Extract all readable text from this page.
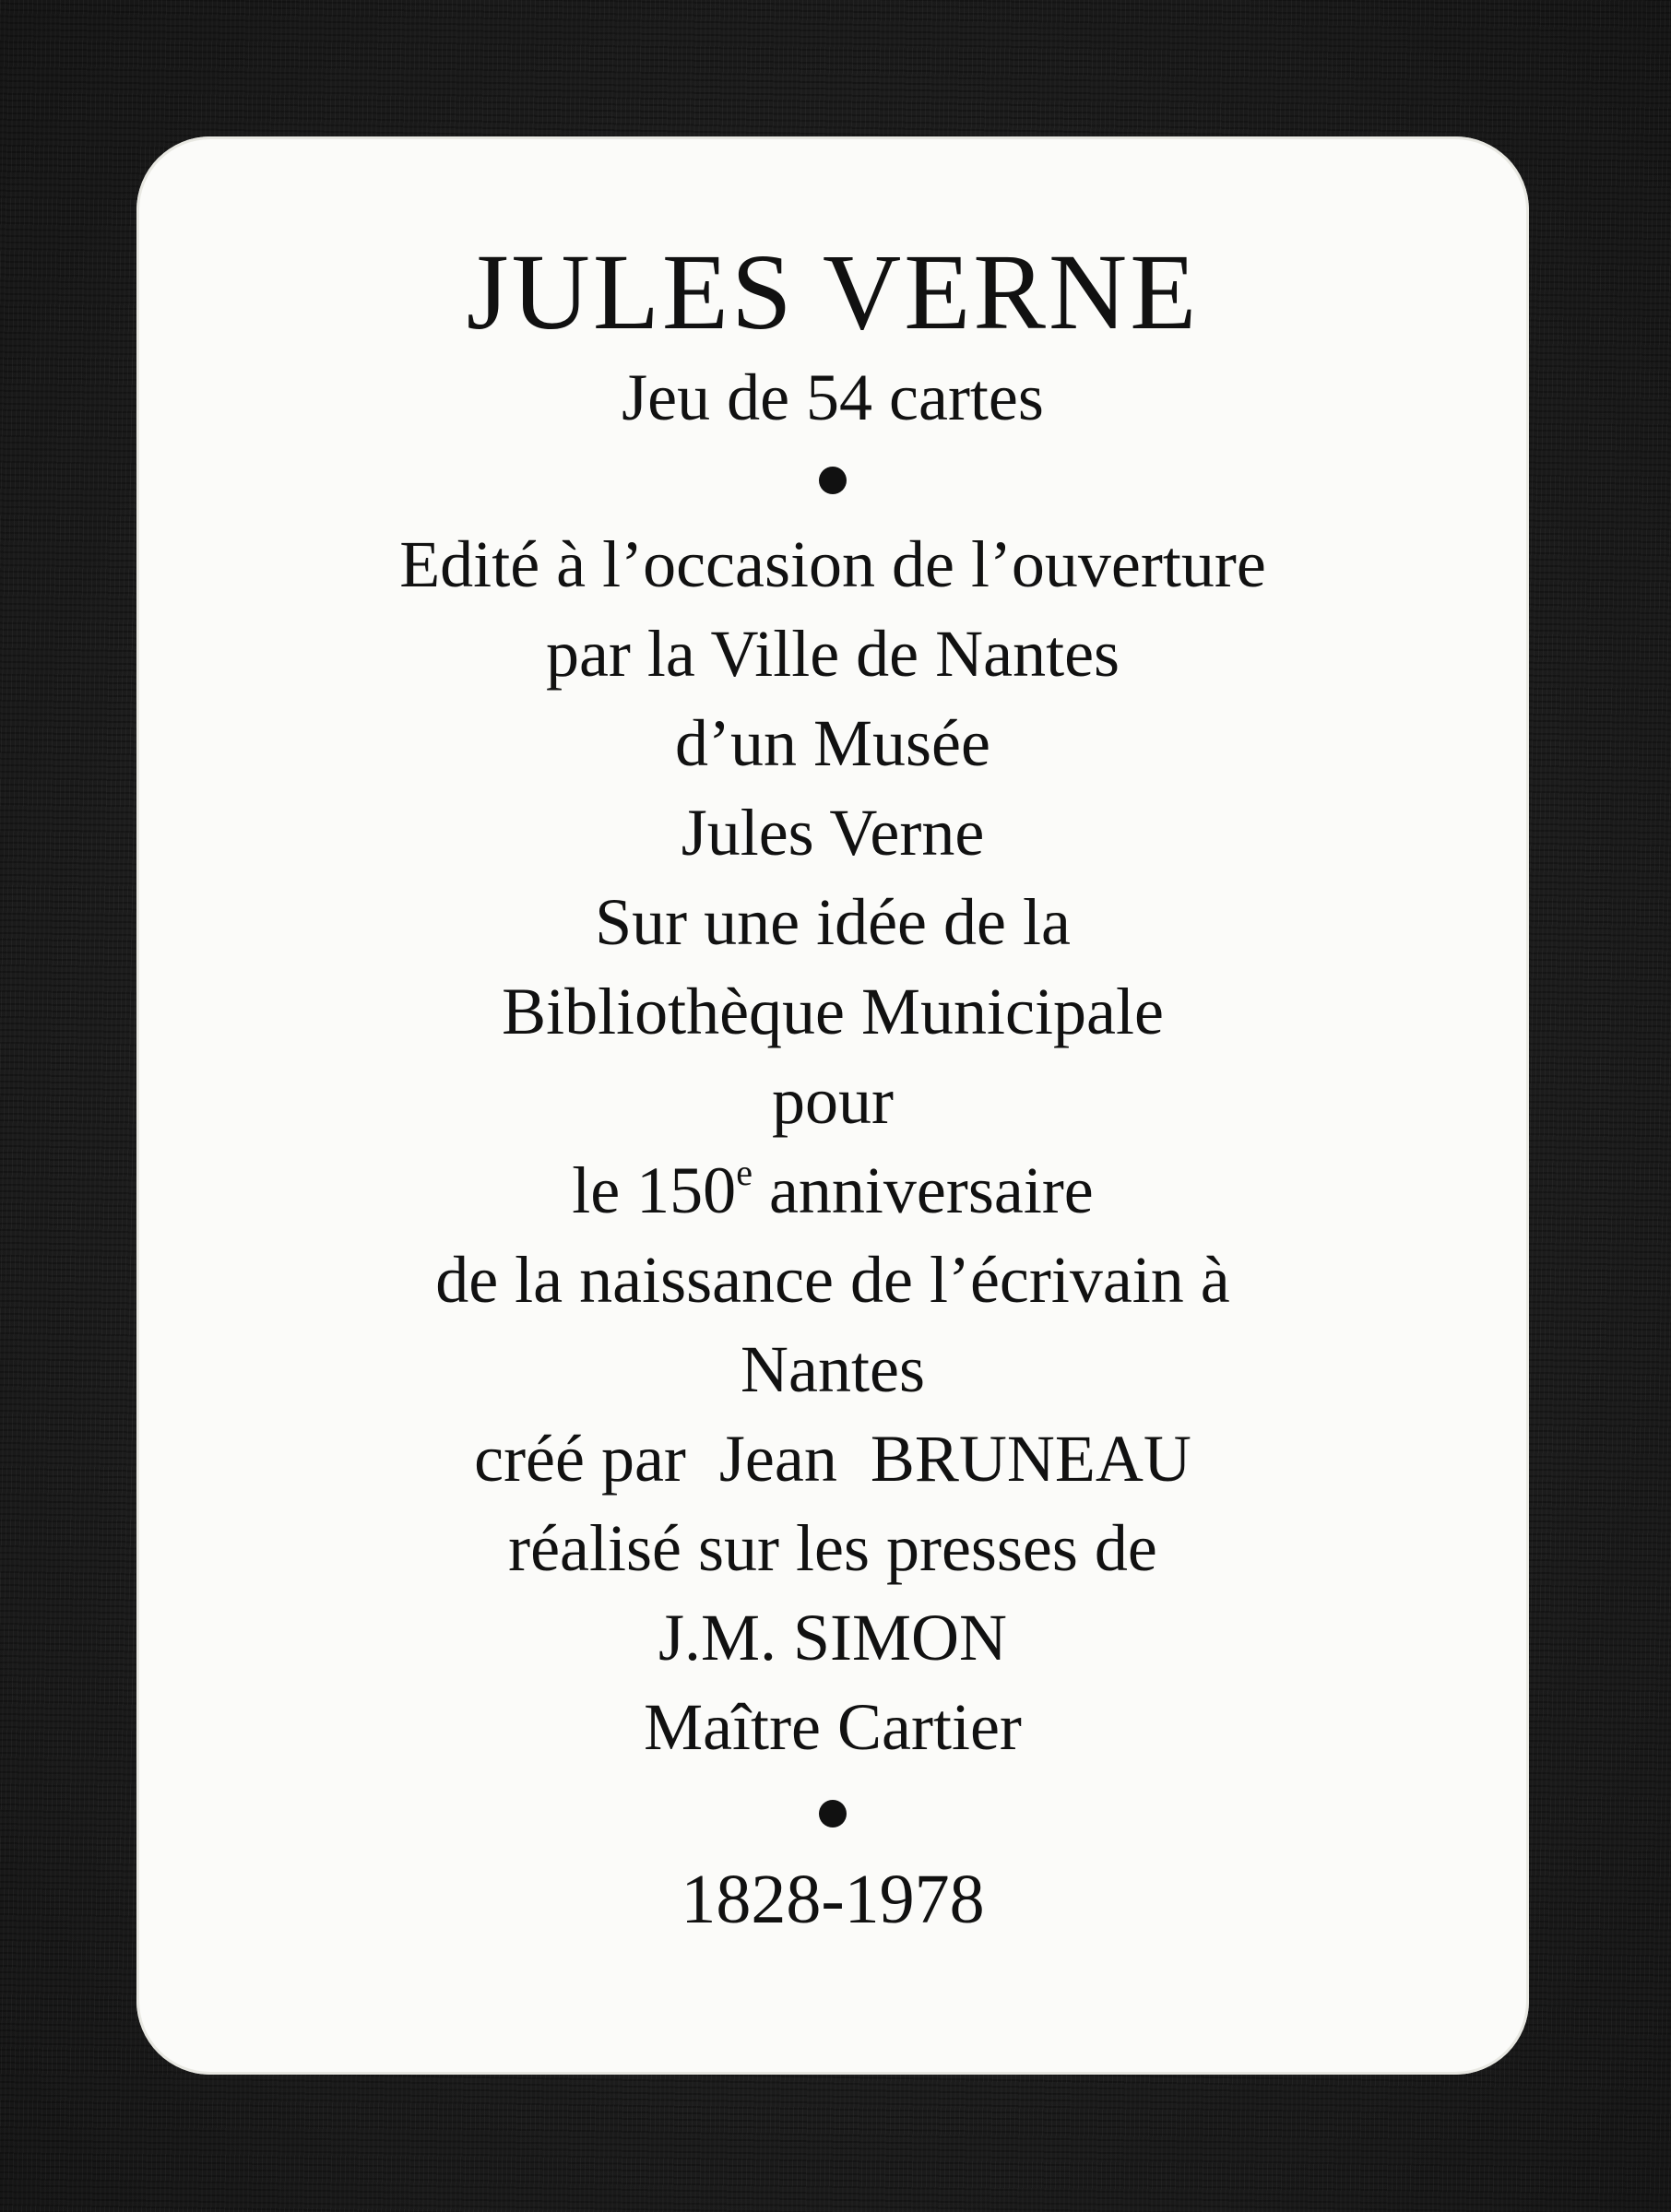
JULES VERNE

Jeu de 54 cartes

Edité à l’occasion de l’ouverture

par la Ville de Nantes

d’un Musée

Jules Verne

Sur une idée de la

Bibliothèque Municipale

pour

le 150e anniversaire

de la naissance de l’écrivain à

Nantes

créé par  Jean  BRUNEAU

réalisé sur les presses de

J.M. SIMON

Maître Cartier

1828-1978
